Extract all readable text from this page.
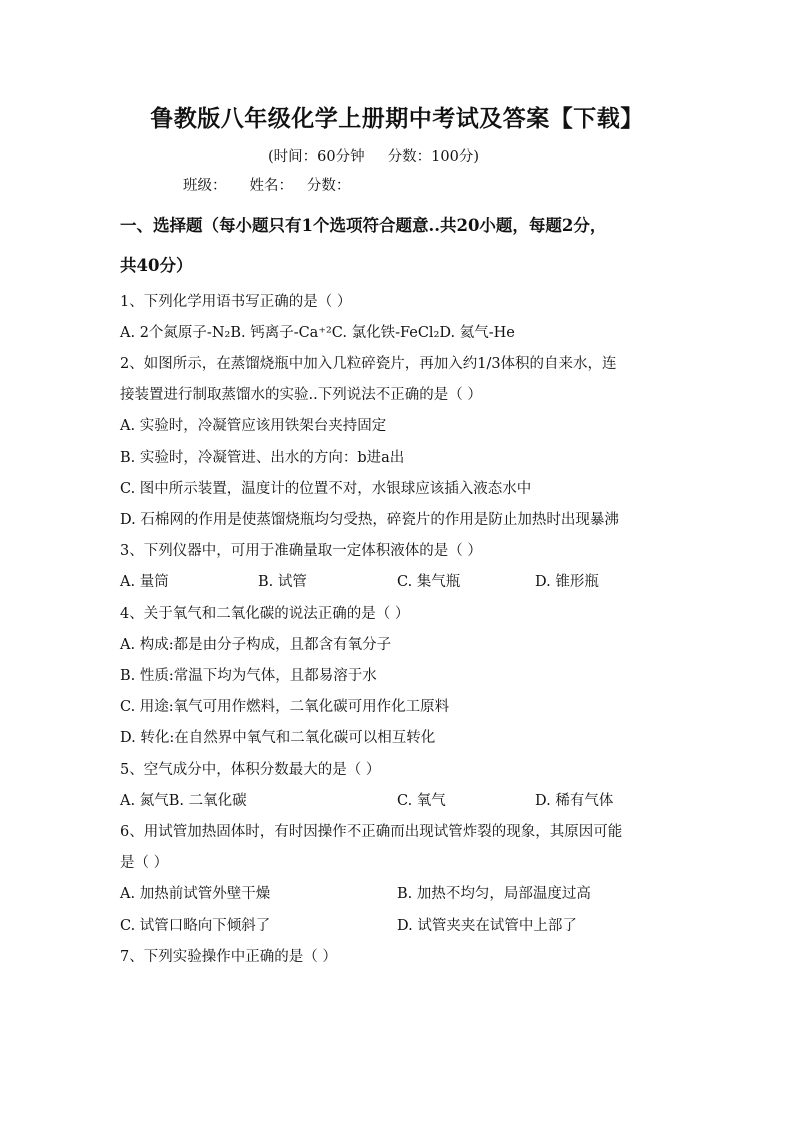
鲁教版八年级化学上册期中考试及答案【下载】
(时间：60分钟     分数：100分)
班级：     姓名：   分数：
一、选择题（每小题只有1个选项符合题意..共20小题，每题2分，
共40分）
1、下列化学用语书写正确的是（ ）
A. 2个氮原子-N₂B. 钙离子-Ca⁺²C. 氯化铁-FeCl₂D. 氦气-He
2、如图所示，在蒸馏烧瓶中加入几粒碎瓷片，再加入约1/3体积的自来水，连
接装置进行制取蒸馏水的实验..下列说法不正确的是（ ）
A. 实验时，冷凝管应该用铁架台夹持固定
B. 实验时，冷凝管进、出水的方向：b进a出
C. 图中所示装置，温度计的位置不对，水银球应该插入液态水中
D. 石棉网的作用是使蒸馏烧瓶均匀受热，碎瓷片的作用是防止加热时出现暴沸
3、下列仪器中，可用于准确量取一定体积液体的是（ ）
A. 量筒	B. 试管	C. 集气瓶	D. 锥形瓶
4、关于氧气和二氧化碳的说法正确的是（ ）
A. 构成:都是由分子构成，且都含有氧分子
B. 性质:常温下均为气体，且都易溶于水
C. 用途:氧气可用作燃料，二氧化碳可用作化工原料
D. 转化:在自然界中氧气和二氧化碳可以相互转化
5、空气成分中，体积分数最大的是（ ）
A. 氮气B. 二氧化碳	C. 氧气	D. 稀有气体
6、用试管加热固体时，有时因操作不正确而出现试管炸裂的现象，其原因可能
是（ ）
A. 加热前试管外壁干燥	B. 加热不均匀，局部温度过高
C. 试管口略向下倾斜了	D. 试管夹夹在试管中上部了
7、下列实验操作中正确的是（ ）
